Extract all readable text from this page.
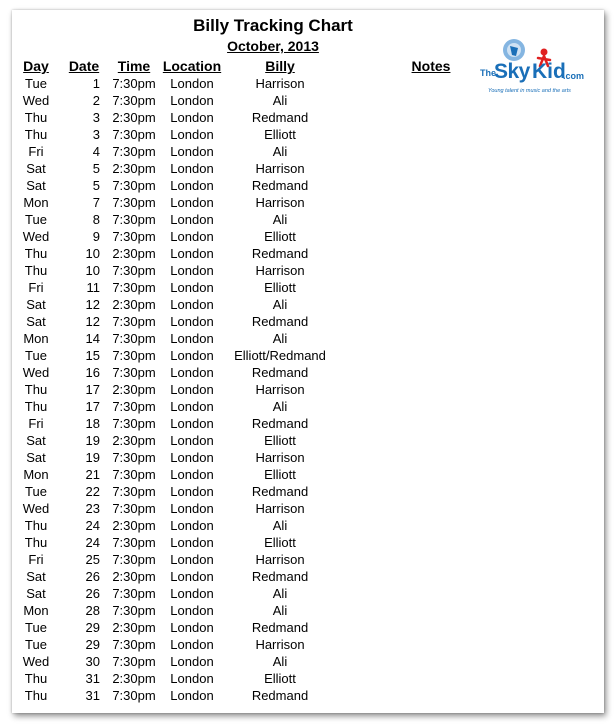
Billy Tracking Chart
October, 2013
The
Sky Kid
.com
Young talent in music and the arts
Day	Date	Time Location	Billy	Notes
Tue	1 7:30pm	London	Harrison
Wed	2 7:30pm	London	Ali
Thu	3 2:30pm	London	Redmand
Thu	3 7:30pm	London	Elliott
Fri	4 7:30pm	London	Ali
Sat	5 2:30pm	London	Harrison
Sat	5 7:30pm	London	Redmand
Mon	7 7:30pm	London	Harrison
Tue	8 7:30pm	London	Ali
Wed	9 7:30pm	London	Elliott
Thu	10 2:30pm	London	Redmand
Thu	10 7:30pm	London	Harrison
Fri	11 7:30pm	London	Elliott
Sat	12 2:30pm	London	Ali
Sat	12 7:30pm	London	Redmand
Mon	14 7:30pm	London	Ali
Tue	15 7:30pm	London	Elliott/Redmand
Wed	16 7:30pm	London	Redmand
Thu	17 2:30pm	London	Harrison
Thu	17 7:30pm	London	Ali
Fri	18 7:30pm	London	Redmand
Sat	19 2:30pm	London	Elliott
Sat	19 7:30pm	London	Harrison
Mon	21 7:30pm	London	Elliott
Tue	22 7:30pm	London	Redmand
Wed	23 7:30pm	London	Harrison
Thu	24 2:30pm	London	Ali
Thu	24 7:30pm	London	Elliott
Fri	25 7:30pm	London	Harrison
Sat	26 2:30pm	London	Redmand
Sat	26 7:30pm	London	Ali
Mon	28 7:30pm	London	Ali
Tue	29 2:30pm	London	Redmand
Tue	29 7:30pm	London	Harrison
Wed	30 7:30pm	London	Ali
Thu	31 2:30pm	London	Elliott
Thu	31 7:30pm	London	Redmand
